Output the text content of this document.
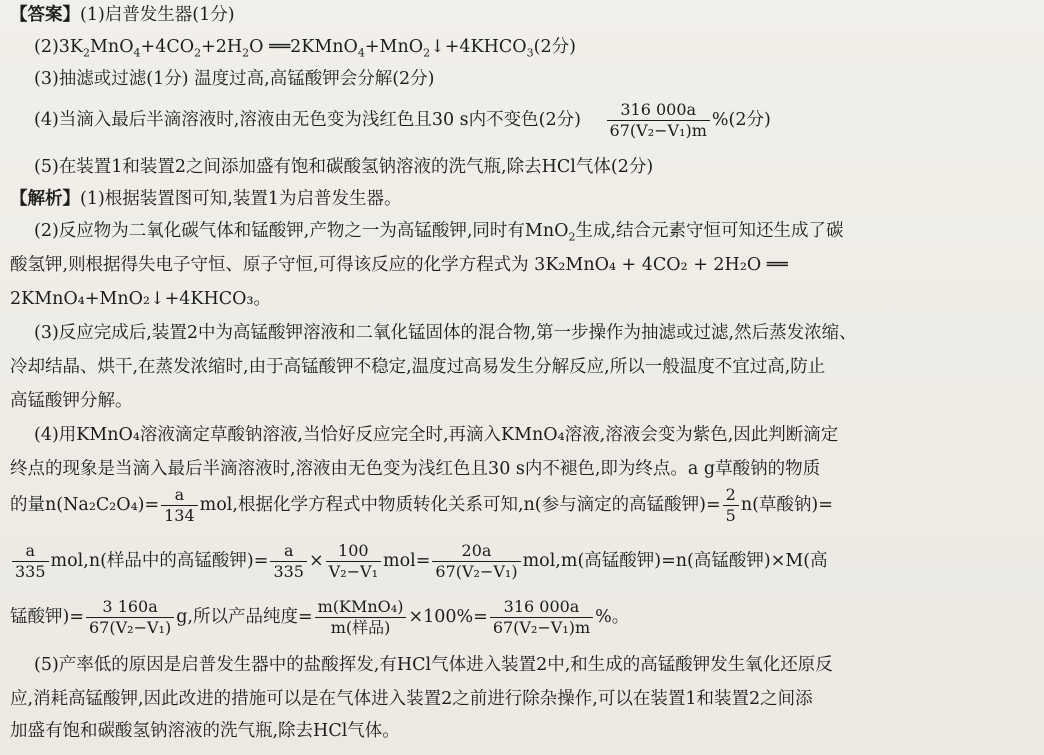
【答案】(1)启普发生器(1分)
$(2)3K_2MnO_4+4CO_2+2H_2O$ $══2KMnO_4+MnO_2↓+4KHCO_3(2$分)
(3)抽滤或过滤(1分) 温度过高,高锰酸钾会分解(2分)
(4)当滴入最后半滴溶液时,溶液由无色变为浅红色且30 s内不变色(2分) $\frac{316 000a}{\text{67(V₂−V₁)m}} \%(2$分)
(5)在装置1和装置2之间添加盛有饱和碳酸氢钠溶液的洗气瓶,除去HCl气体(2分)
【解析】(1)根据装置图可知,装置1为启普发生器。
(2)反应物为二氧化碳气体和锰酸钾,产物之一为高锰酸钾,同时有MnO$_2$生成,结合元素守恒可知还生成了碳
酸氢钾,则根据得失电子守恒、原子守恒,可得该反应的化学方程式为 3K₂MnO₄ + 4CO₂ + 2H₂O ══
2KMnO₄+MnO₂↓+4KHCO₃。
(3)反应完成后,装置2中为高锰酸钾溶液和二氧化锰固体的混合物,第一步操作为抽滤或过滤,然后蒸发浓缩、
冷却结晶、烘干,在蒸发浓缩时,由于高锰酸钾不稳定,温度过高易发生分解反应,所以一般温度不宜过高,防止
高锰酸钾分解。
(4)用KMnO₄溶液滴定草酸钠溶液,当恰好反应完全时,再滴入KMnO₄溶液,溶液会变为紫色,因此判断滴定
终点的现象是当滴入最后半滴溶液时,溶液由无色变为浅红色且30 s内不褪色,即为终点。a g草酸钠的物质
的量$n(Na_2C_2O_4)= \frac{a}{134}$ mol,根据化学方程式中物质转化关系可知,n(参与滴定的高锰酸钾)= $\frac{2}{5} n$(草酸钠)=
$\frac{a}{335} mol,n$(样品中的高锰酸钾)= $\frac{a}{335} \times \frac{100}{\text{V₂−V₁}} mol= \frac{20a}{\text{67(V₂−V₁)}} mol,m$(高锰酸钾)=n(高锰酸钾)×M(高
锰酸钾)= $\frac{3 160a}{\text{67(V₂−V₁)}} g$,所以产品纯度= $\frac{\text{m(KMnO₄)}}{\text{m(样品)}} \times 100\%= \frac{316 000a}{\text{67(V₂−V₁)m}}$ %。
(5)产率低的原因是启普发生器中的盐酸挥发,有HCl气体进入装置2中,和生成的高锰酸钾发生氧化还原反
应,消耗高锰酸钾,因此改进的措施可以是在气体进入装置2之前进行除杂操作,可以在装置1和装置2之间添
加盛有饱和碳酸氢钠溶液的洗气瓶,除去HCl气体。
